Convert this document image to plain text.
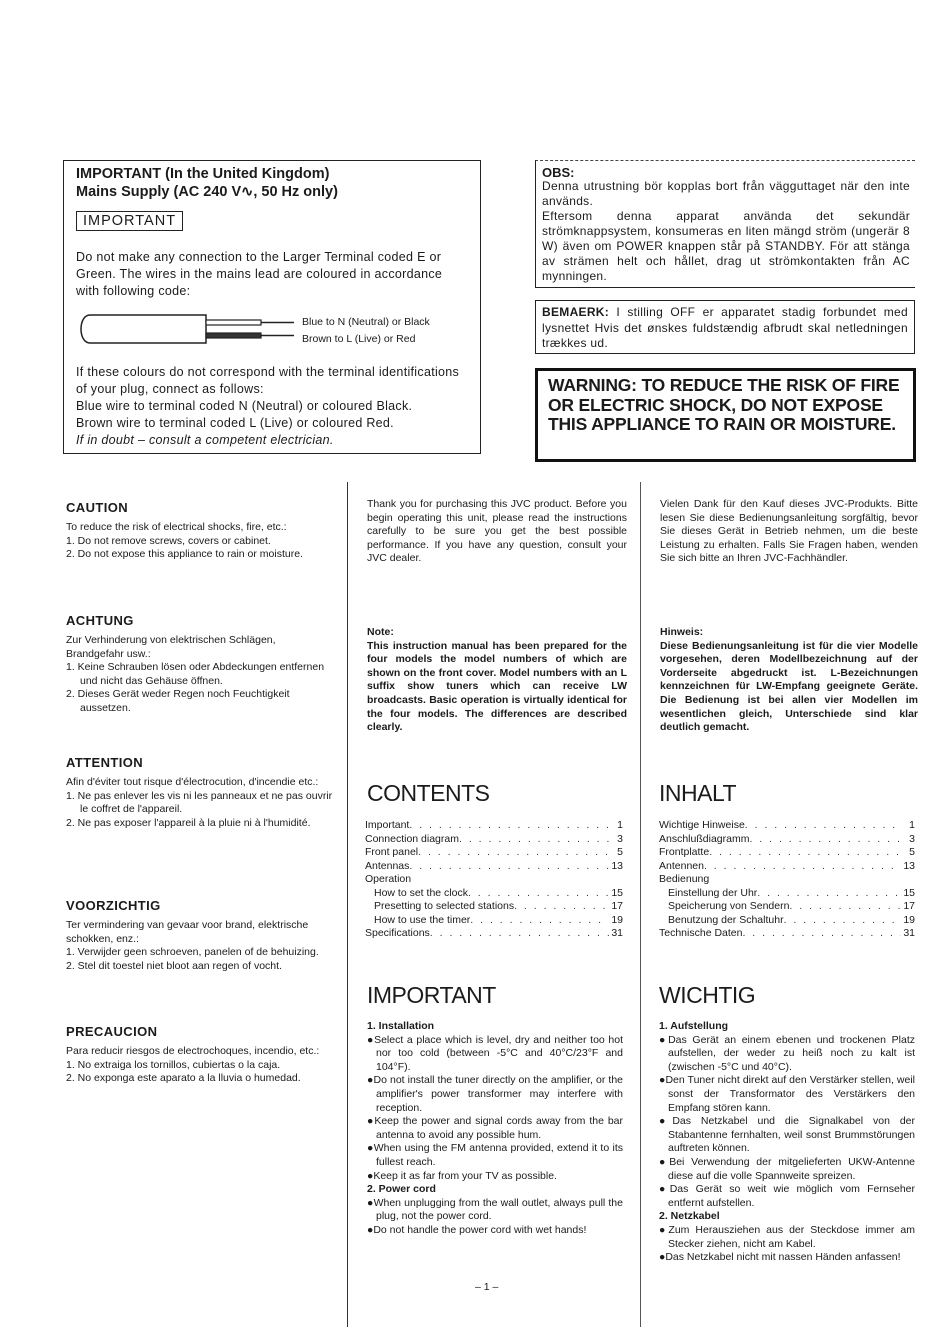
IMPORTANT (In the United Kingdom)
Mains Supply (AC 240 V∿, 50 Hz only)
IMPORTANT
Do not make any connection to the Larger Terminal coded E or Green. The wires in the mains lead are coloured in accordance with following code:
Blue to N (Neutral) or Black
Brown to L (Live) or Red
If these colours do not correspond with the terminal identifications of your plug, connect as follows:
Blue wire to terminal coded N (Neutral) or coloured Black.
Brown wire to terminal coded L (Live) or coloured Red.
If in doubt – consult a competent electrician.
OBS:
Denna utrustning bör kopplas bort från vägguttaget när den inte används.
Eftersom denna apparat använda det sekundär strömknappsystem, konsumeras en liten mängd ström (ungerär 8 W) även om POWER knappen står på STANDBY. För att stänga av strämen helt och hållet, drag ut strömkontakten från AC mynningen.
BEMAERK: I stilling OFF er apparatet stadig forbundet med lysnettet Hvis det ønskes fuldstændig afbrudt skal netledningen trækkes ud.
WARNING: TO REDUCE THE RISK OF FIRE OR ELECTRIC SHOCK, DO NOT EXPOSE THIS APPLIANCE TO RAIN OR MOISTURE.
CAUTION
To reduce the risk of electrical shocks, fire, etc.:
1. Do not remove screws, covers or cabinet.
2. Do not expose this appliance to rain or moisture.
ACHTUNG
Zur Verhinderung von elektrischen Schlägen, Brandgefahr usw.:
1. Keine Schrauben lösen oder Abdeckungen entfernen und nicht das Gehäuse öffnen.
2. Dieses Gerät weder Regen noch Feuchtigkeit aussetzen.
ATTENTION
Afin d'éviter tout risque d'électrocution, d'incendie etc.:
1. Ne pas enlever les vis ni les panneaux et ne pas ouvrir le coffret de l'appareil.
2. Ne pas exposer l'appareil à la pluie ni à l'humidité.
VOORZICHTIG
Ter vermindering van gevaar voor brand, elektrische schokken, enz.:
1. Verwijder geen schroeven, panelen of de behuizing.
2. Stel dit toestel niet bloot aan regen of vocht.
PRECAUCION
Para reducir riesgos de electrochoques, incendio, etc.:
1. No extraiga los tornillos, cubiertas o la caja.
2. No exponga este aparato a la lluvia o humedad.
Thank you for purchasing this JVC product. Before you begin operating this unit, please read the instructions carefully to be sure you get the best possible performance. If you have any question, consult your JVC dealer.
Vielen Dank für den Kauf dieses JVC-Produkts. Bitte lesen Sie diese Bedienungsanleitung sorgfältig, bevor Sie dieses Gerät in Betrieb nehmen, um die beste Leistung zu erhalten. Falls Sie Fragen haben, wenden Sie sich bitte an Ihren JVC-Fachhändler.
Note:
This instruction manual has been prepared for the four models the model numbers of which are shown on the front cover. Model numbers with an L suffix show tuners which can receive LW broadcasts. Basic operation is virtually identical for the four models. The differences are described clearly.
Hinweis:
Diese Bedienungsanleitung ist für die vier Modelle vorgesehen, deren Modellbezeichnung auf der Vorderseite abgedruckt ist. L-Bezeichnungen kennzeichnen für LW-Empfang geeignete Geräte. Die Bedienung ist bei allen vier Modellen im wesentlichen gleich, Unterschiede sind klar deutlich gemacht.
CONTENTS
Important . . .	1
Connection diagram . . .	3
Front panel . . .	5
Antennas . . .	13
Operation
How to set the clock . . .	15
Presetting to selected stations . . .	17
How to use the timer . . .	19
Specifications . . .	31
INHALT
Wichtige Hinweise . . .	1
Anschlußdiagramm . . .	3
Frontplatte . . .	5
Antennen . . .	13
Bedienung
Einstellung der Uhr . . .	15
Speicherung von Sendern . . .	17
Benutzung der Schaltuhr . . .	19
Technische Daten . . .	31
IMPORTANT
1. Installation
●Select a place which is level, dry and neither too hot nor too cold (between -5°C and 40°C/23°F and 104°F).
●Do not install the tuner directly on the amplifier, or the amplifier's power transformer may interfere with reception.
●Keep the power and signal cords away from the bar antenna to avoid any possible hum.
●When using the FM antenna provided, extend it to its fullest reach.
●Keep it as far from your TV as possible.
2. Power cord
●When unplugging from the wall outlet, always pull the plug, not the power cord.
●Do not handle the power cord with wet hands!
WICHTIG
1. Aufstellung
●Das Gerät an einem ebenen und trockenen Platz aufstellen, der weder zu heiß noch zu kalt ist (zwischen -5°C und 40°C).
●Den Tuner nicht direkt auf den Verstärker stellen, weil sonst der Transformator des Verstärkers den Empfang stören kann.
●Das Netzkabel und die Signalkabel von der Stabantenne fernhalten, weil sonst Brummstörungen auftreten können.
●Bei Verwendung der mitgelieferten UKW-Antenne diese auf die volle Spannweite spreizen.
●Das Gerät so weit wie möglich vom Fernseher entfernt aufstellen.
2. Netzkabel
●Zum Herausziehen aus der Steckdose immer am Stecker ziehen, nicht am Kabel.
●Das Netzkabel nicht mit nassen Händen anfassen!
– 1 –
